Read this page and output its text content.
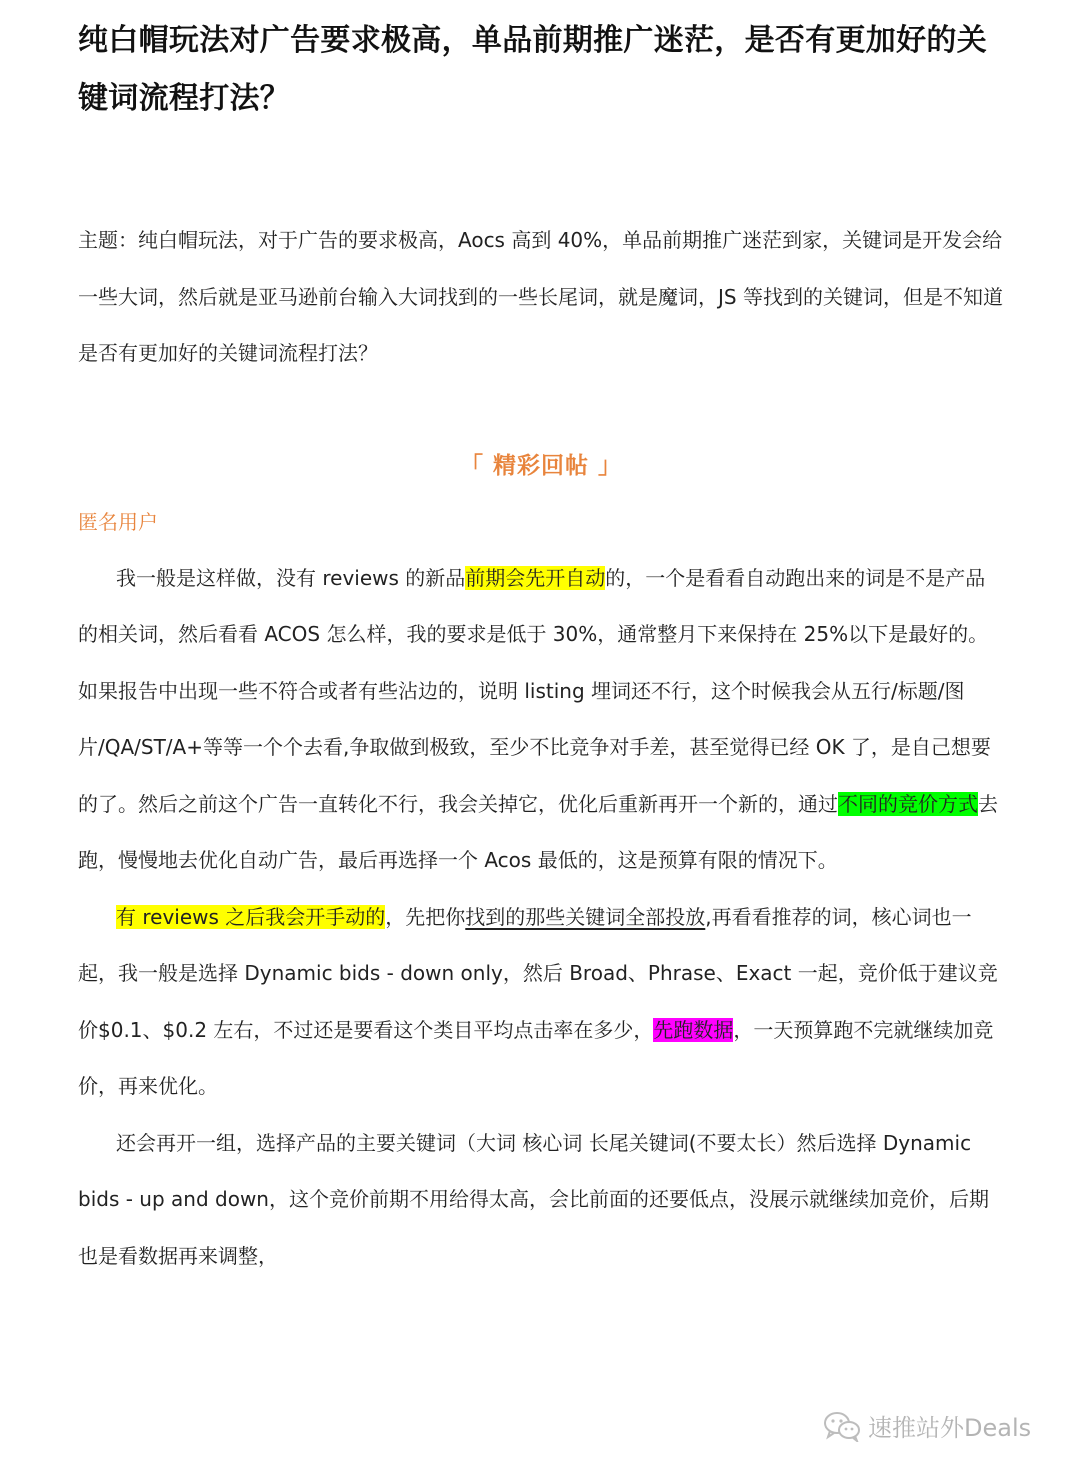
纯白帽玩法对广告要求极高，单品前期推广迷茫，是否有更加好的关键词流程打法？

主题：纯白帽玩法，对于广告的要求极高，Aocs 高到 40%，单品前期推广迷茫到家，关键词是开发会给一些大词，然后就是亚马逊前台输入大词找到的一些长尾词，就是魔词，JS 等找到的关键词，但是不知道是否有更加好的关键词流程打法？

「 精彩回帖 」
匿名用户

我一般是这样做，没有 reviews 的新品前期会先开自动的，一个是看看自动跑出来的词是不是产品的相关词，然后看看 ACOS 怎么样，我的要求是低于 30%，通常整月下来保持在 25%以下是最好的。

如果报告中出现一些不符合或者有些沾边的，说明 listing 埋词还不行，这个时候我会从五行/标题/图片/QA/ST/A+等等一个个去看,争取做到极致，至少不比竞争对手差，甚至觉得已经 OK 了，是自己想要的了。然后之前这个广告一直转化不行，我会关掉它，优化后重新再开一个新的，通过不同的竞价方式去跑，慢慢地去优化自动广告，最后再选择一个 Acos 最低的，这是预算有限的情况下。

有 reviews 之后我会开手动的，先把你找到的那些关键词全部投放,再看看推荐的词，核心词也一起，我一般是选择 Dynamic bids - down only，然后 Broad、Phrase、Exact 一起，竞价低于建议竞价$0.1、$0.2 左右，不过还是要看这个类目平均点击率在多少，先跑数据，一天预算跑不完就继续加竞价，再来优化。

还会再开一组，选择产品的主要关键词（大词 核心词 长尾关键词(不要太长）然后选择 Dynamic bids - up and down，这个竞价前期不用给得太高，会比前面的还要低点，没展示就继续加竞价，后期也是看数据再来调整，

速推站外Deals
